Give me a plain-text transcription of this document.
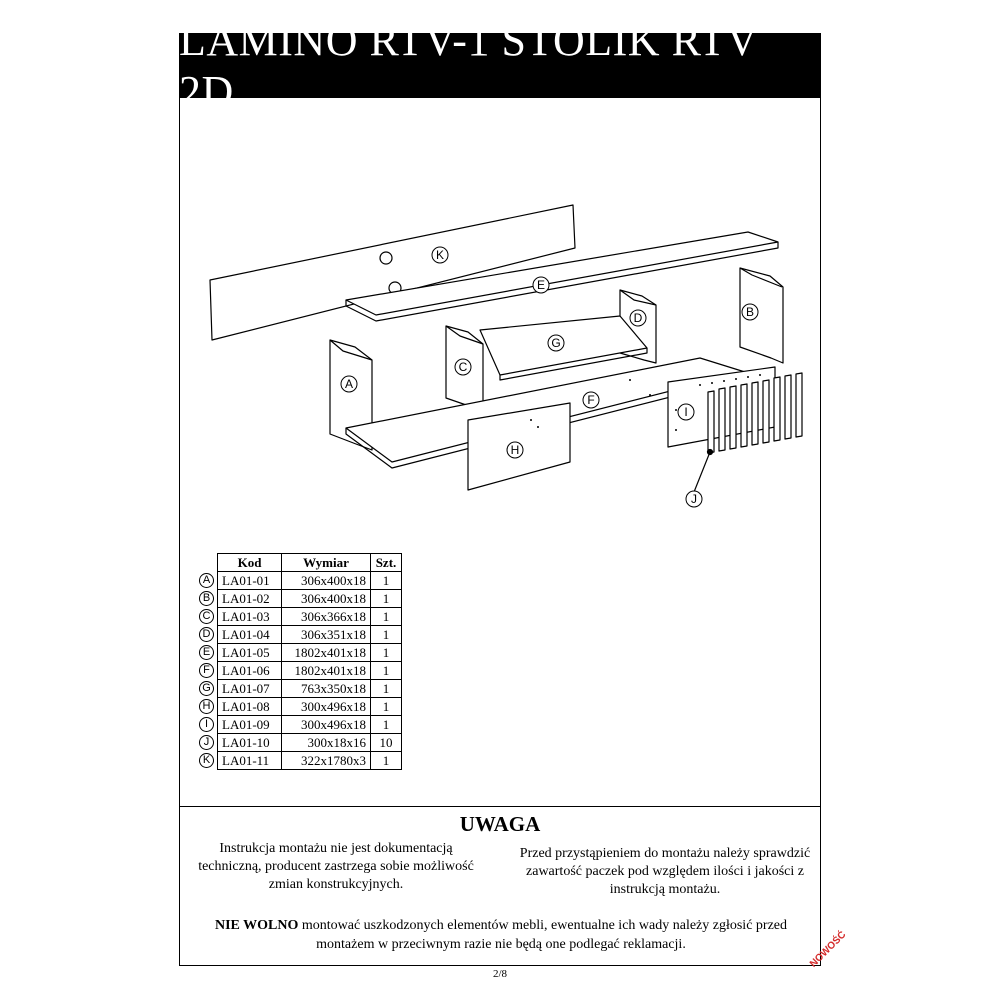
LAMINO RTV-1 STOLIK RTV 2D
K
E
B
D
G
C
A
F
I
H
J
A
B
C
D
E
F
G
H
I
J
K
Kod	Wymiar	Szt.
LA01-01	306x400x18	1
LA01-02	306x400x18	1
LA01-03	306x366x18	1
LA01-04	306x351x18	1
LA01-05	1802x401x18	1
LA01-06	1802x401x18	1
LA01-07	763x350x18	1
LA01-08	300x496x18	1
LA01-09	300x496x18	1
LA01-10	300x18x16	10
LA01-11	322x1780x3	1
UWAGA
Instrukcja montażu nie jest dokumentacją techniczną, producent zastrzega sobie możliwość zmian konstrukcyjnych.
Przed przystąpieniem do montażu należy sprawdzić zawartość paczek pod względem ilości i jakości z instrukcją montażu.
NIE WOLNO montować uszkodzonych elementów mebli, ewentualne ich wady należy zgłosić przed montażem w przeciwnym razie nie będą one podlegać reklamacji.
2/8
NOWOŚĆ
